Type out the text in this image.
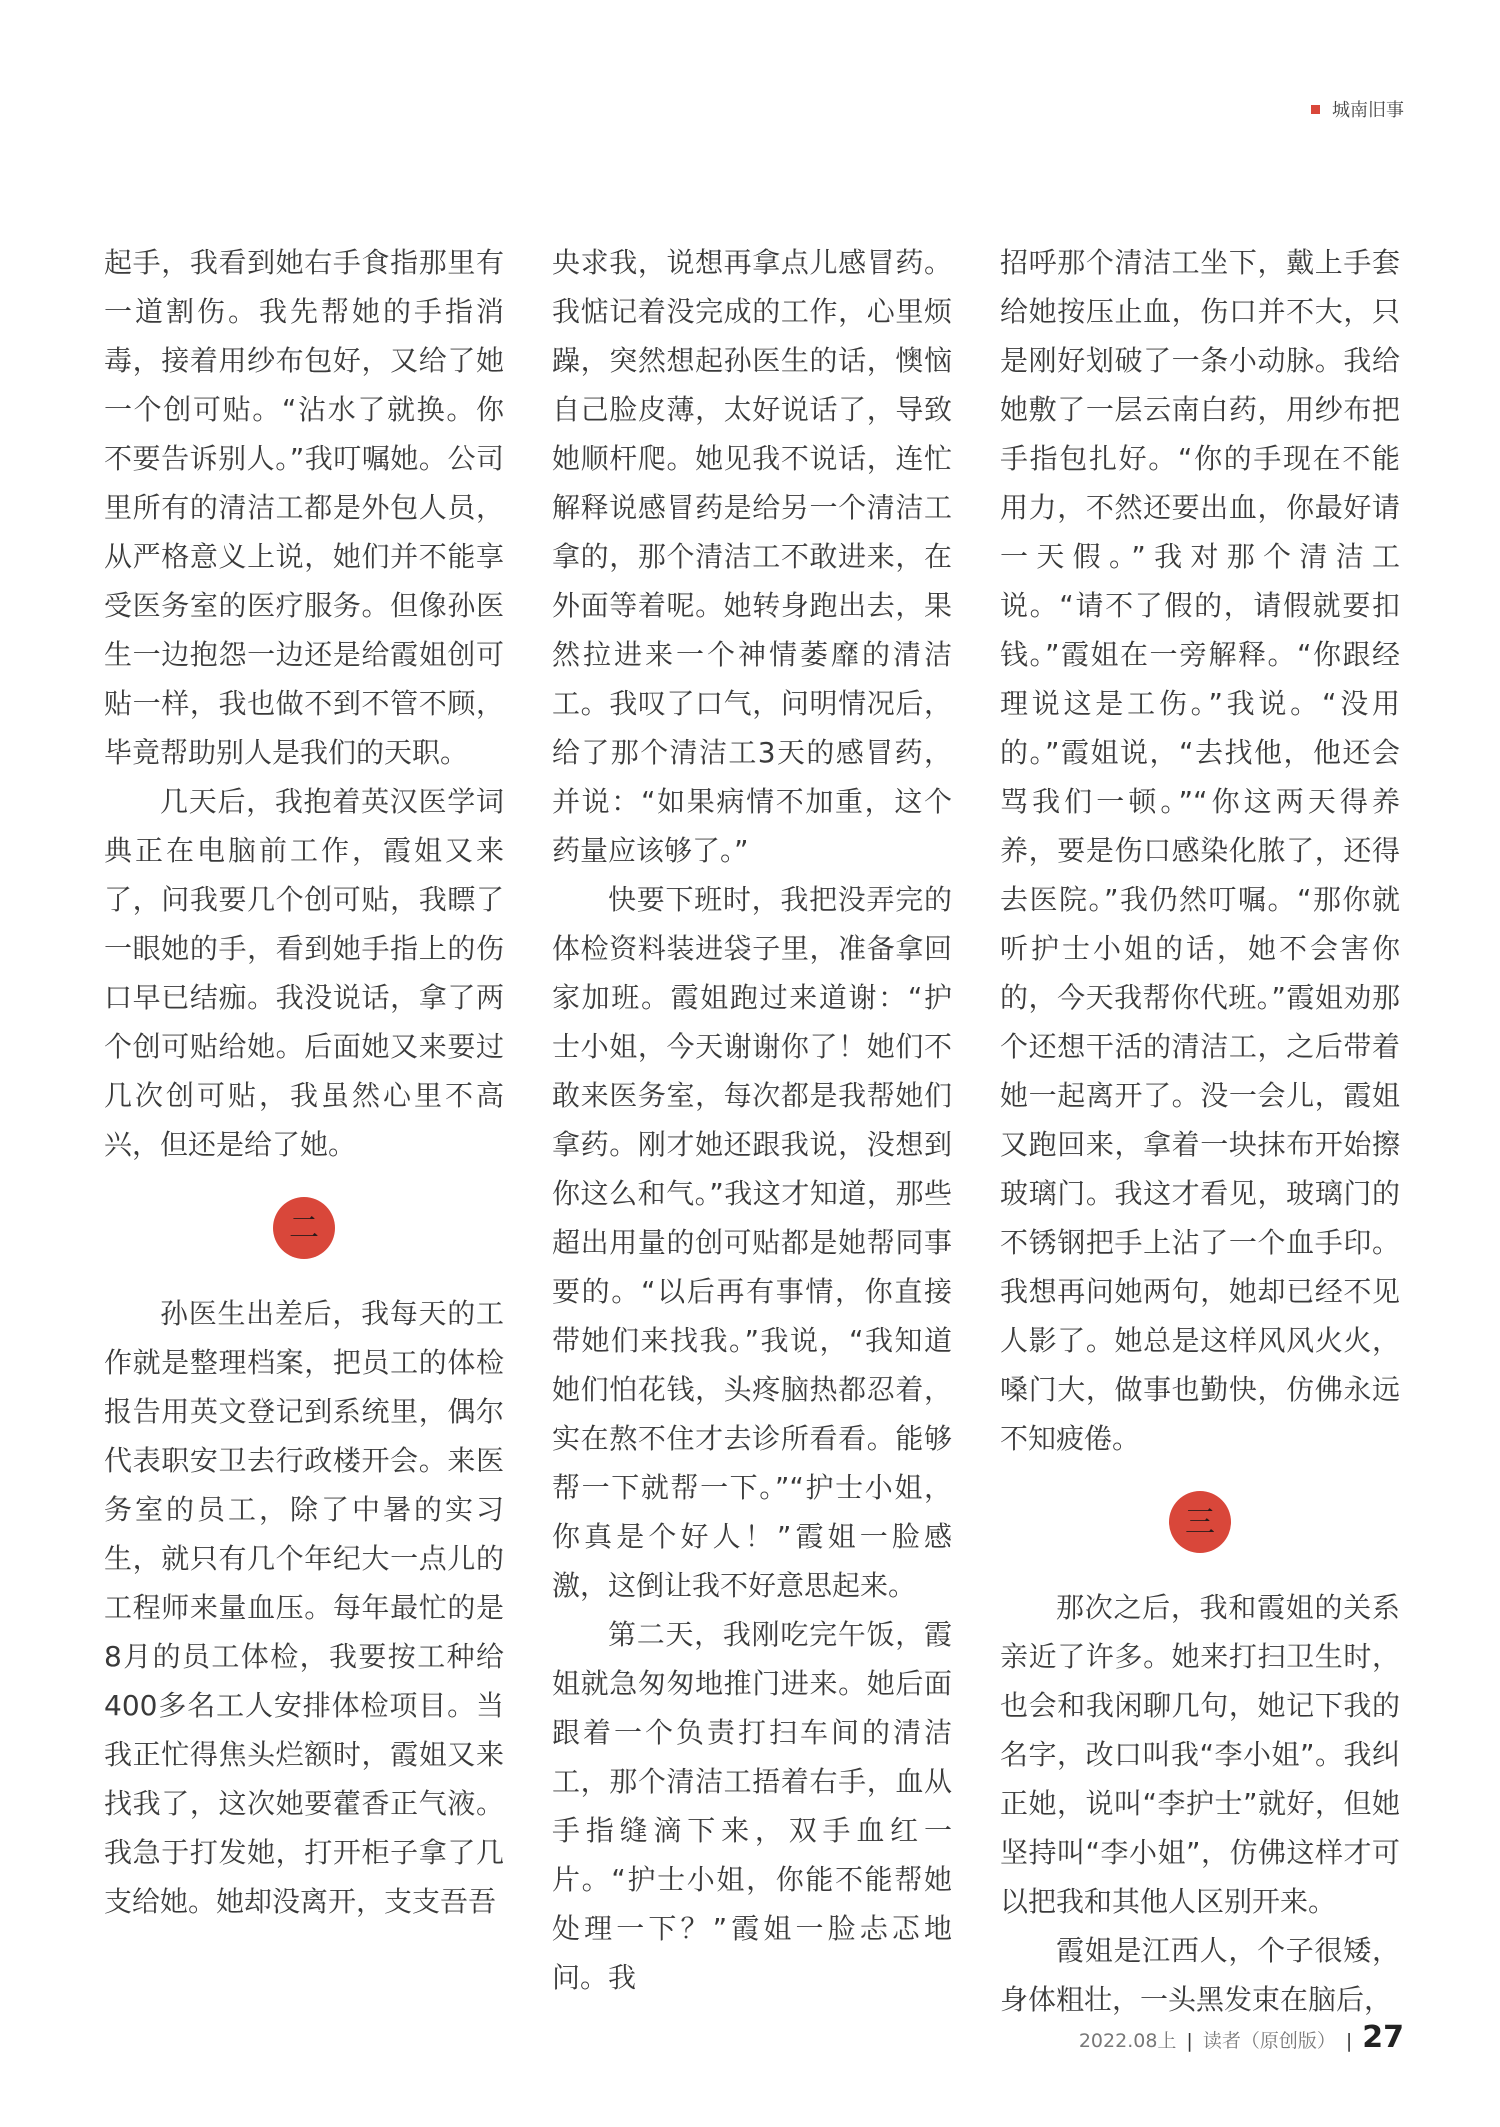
城南旧事

起手，我看到她右手食指那里有一道割伤。我先帮她的手指消毒，接着用纱布包好，又给了她一个创可贴。“沾水了就换。你不要告诉别人。”我叮嘱她。公司里所有的清洁工都是外包人员，从严格意义上说，她们并不能享受医务室的医疗服务。但像孙医生一边抱怨一边还是给霞姐创可贴一样，我也做不到不管不顾，毕竟帮助别人是我们的天职。

几天后，我抱着英汉医学词典正在电脑前工作，霞姐又来了，问我要几个创可贴，我瞟了一眼她的手，看到她手指上的伤口早已结痂。我没说话，拿了两个创可贴给她。后面她又来要过几次创可贴，我虽然心里不高兴，但还是给了她。

二

孙医生出差后，我每天的工作就是整理档案，把员工的体检报告用英文登记到系统里，偶尔代表职安卫去行政楼开会。来医务室的员工，除了中暑的实习生，就只有几个年纪大一点儿的工程师来量血压。每年最忙的是8月的员工体检，我要按工种给400多名工人安排体检项目。当我正忙得焦头烂额时，霞姐又来找我了，这次她要藿香正气液。我急于打发她，打开柜子拿了几支给她。她却没离开，支支吾吾

央求我，说想再拿点儿感冒药。我惦记着没完成的工作，心里烦躁，突然想起孙医生的话，懊恼自己脸皮薄，太好说话了，导致她顺杆爬。她见我不说话，连忙解释说感冒药是给另一个清洁工拿的，那个清洁工不敢进来，在外面等着呢。她转身跑出去，果然拉进来一个神情萎靡的清洁工。我叹了口气，问明情况后，给了那个清洁工3天的感冒药，并说：“如果病情不加重，这个药量应该够了。”

快要下班时，我把没弄完的体检资料装进袋子里，准备拿回家加班。霞姐跑过来道谢：“护士小姐，今天谢谢你了！她们不敢来医务室，每次都是我帮她们拿药。刚才她还跟我说，没想到你这么和气。”我这才知道，那些超出用量的创可贴都是她帮同事要的。“以后再有事情，你直接带她们来找我。”我说，“我知道她们怕花钱，头疼脑热都忍着，实在熬不住才去诊所看看。能够帮一下就帮一下。”“护士小姐，你真是个好人！”霞姐一脸感激，这倒让我不好意思起来。

第二天，我刚吃完午饭，霞姐就急匆匆地推门进来。她后面跟着一个负责打扫车间的清洁工，那个清洁工捂着右手，血从手指缝滴下来，双手血红一片。“护士小姐，你能不能帮她处理一下？”霞姐一脸忐忑地问。我

招呼那个清洁工坐下，戴上手套给她按压止血，伤口并不大，只是刚好划破了一条小动脉。我给她敷了一层云南白药，用纱布把手指包扎好。“你的手现在不能用力，不然还要出血，你最好请一天假。”我对那个清洁工说。“请不了假的，请假就要扣钱。”霞姐在一旁解释。“你跟经理说这是工伤。”我说。“没用的。”霞姐说，“去找他，他还会骂我们一顿。”“你这两天得养养，要是伤口感染化脓了，还得去医院。”我仍然叮嘱。“那你就听护士小姐的话，她不会害你的，今天我帮你代班。”霞姐劝那个还想干活的清洁工，之后带着她一起离开了。没一会儿，霞姐又跑回来，拿着一块抹布开始擦玻璃门。我这才看见，玻璃门的不锈钢把手上沾了一个血手印。我想再问她两句，她却已经不见人影了。她总是这样风风火火，嗓门大，做事也勤快，仿佛永远不知疲倦。

三

那次之后，我和霞姐的关系亲近了许多。她来打扫卫生时，也会和我闲聊几句，她记下我的名字，改口叫我“李小姐”。我纠正她，说叫“李护士”就好，但她坚持叫“李小姐”，仿佛这样才可以把我和其他人区别开来。

霞姐是江西人，个子很矮，身体粗壮，一头黑发束在脑后，

2022.08上 | 读者（原创版） | 27
